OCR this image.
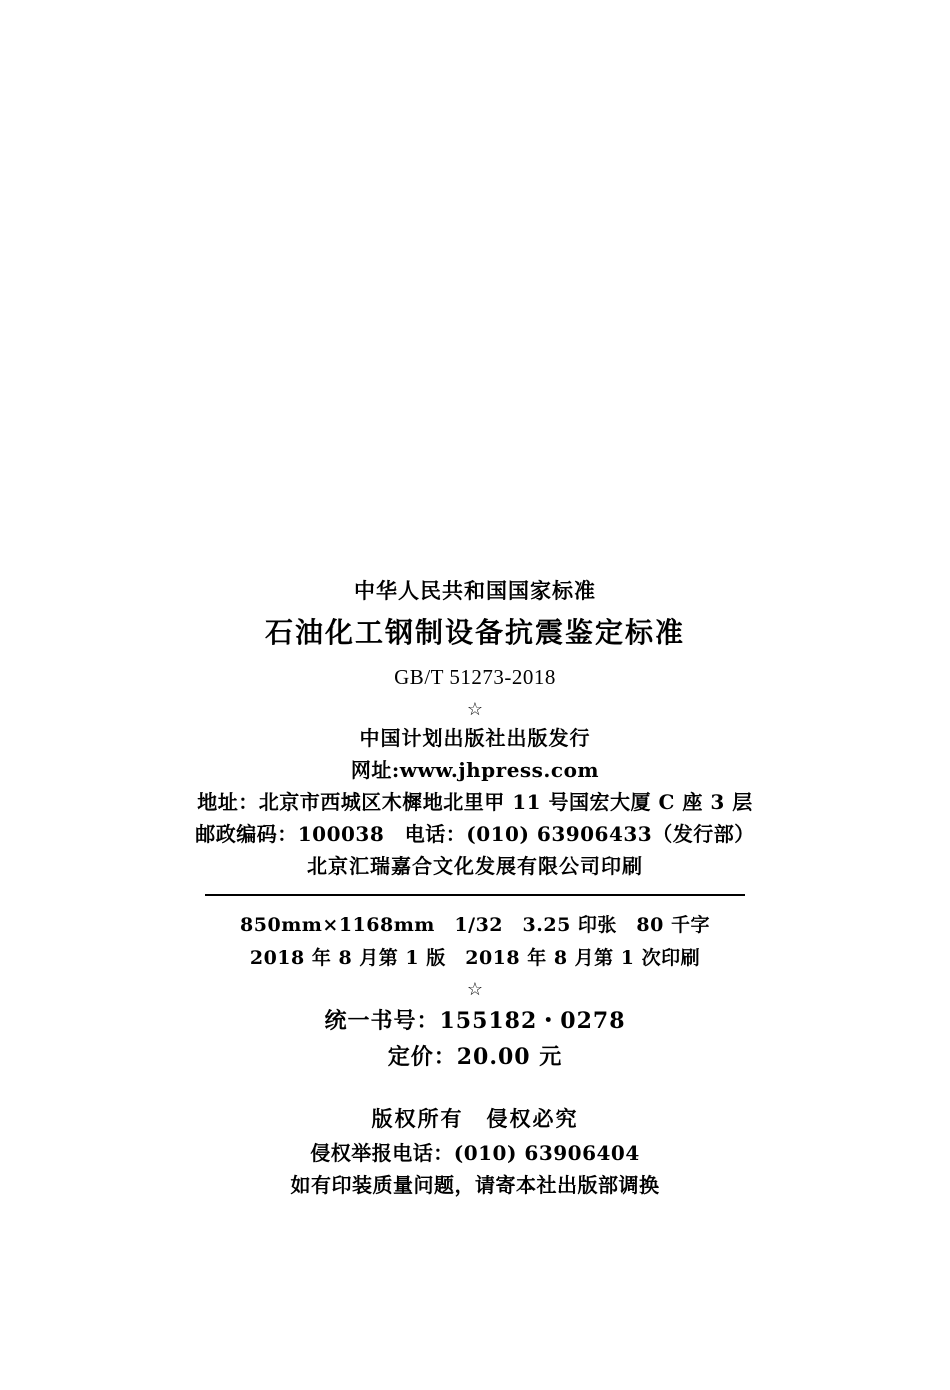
中华人民共和国国家标准
石油化工钢制设备抗震鉴定标准
GB/T 51273-2018
☆
中国计划出版社出版发行
网址:www.jhpress.com
地址：北京市西城区木樨地北里甲 11 号国宏大厦 C 座 3 层
邮政编码：100038　电话：(010) 63906433（发行部）
北京汇瑞嘉合文化发展有限公司印刷
850mm×1168mm　1/32　3.25 印张　80 千字
2018 年 8 月第 1 版　2018 年 8 月第 1 次印刷
☆
统一书号：155182・0278
定价：20.00 元
版权所有　侵权必究
侵权举报电话：(010) 63906404
如有印装质量问题，请寄本社出版部调换
